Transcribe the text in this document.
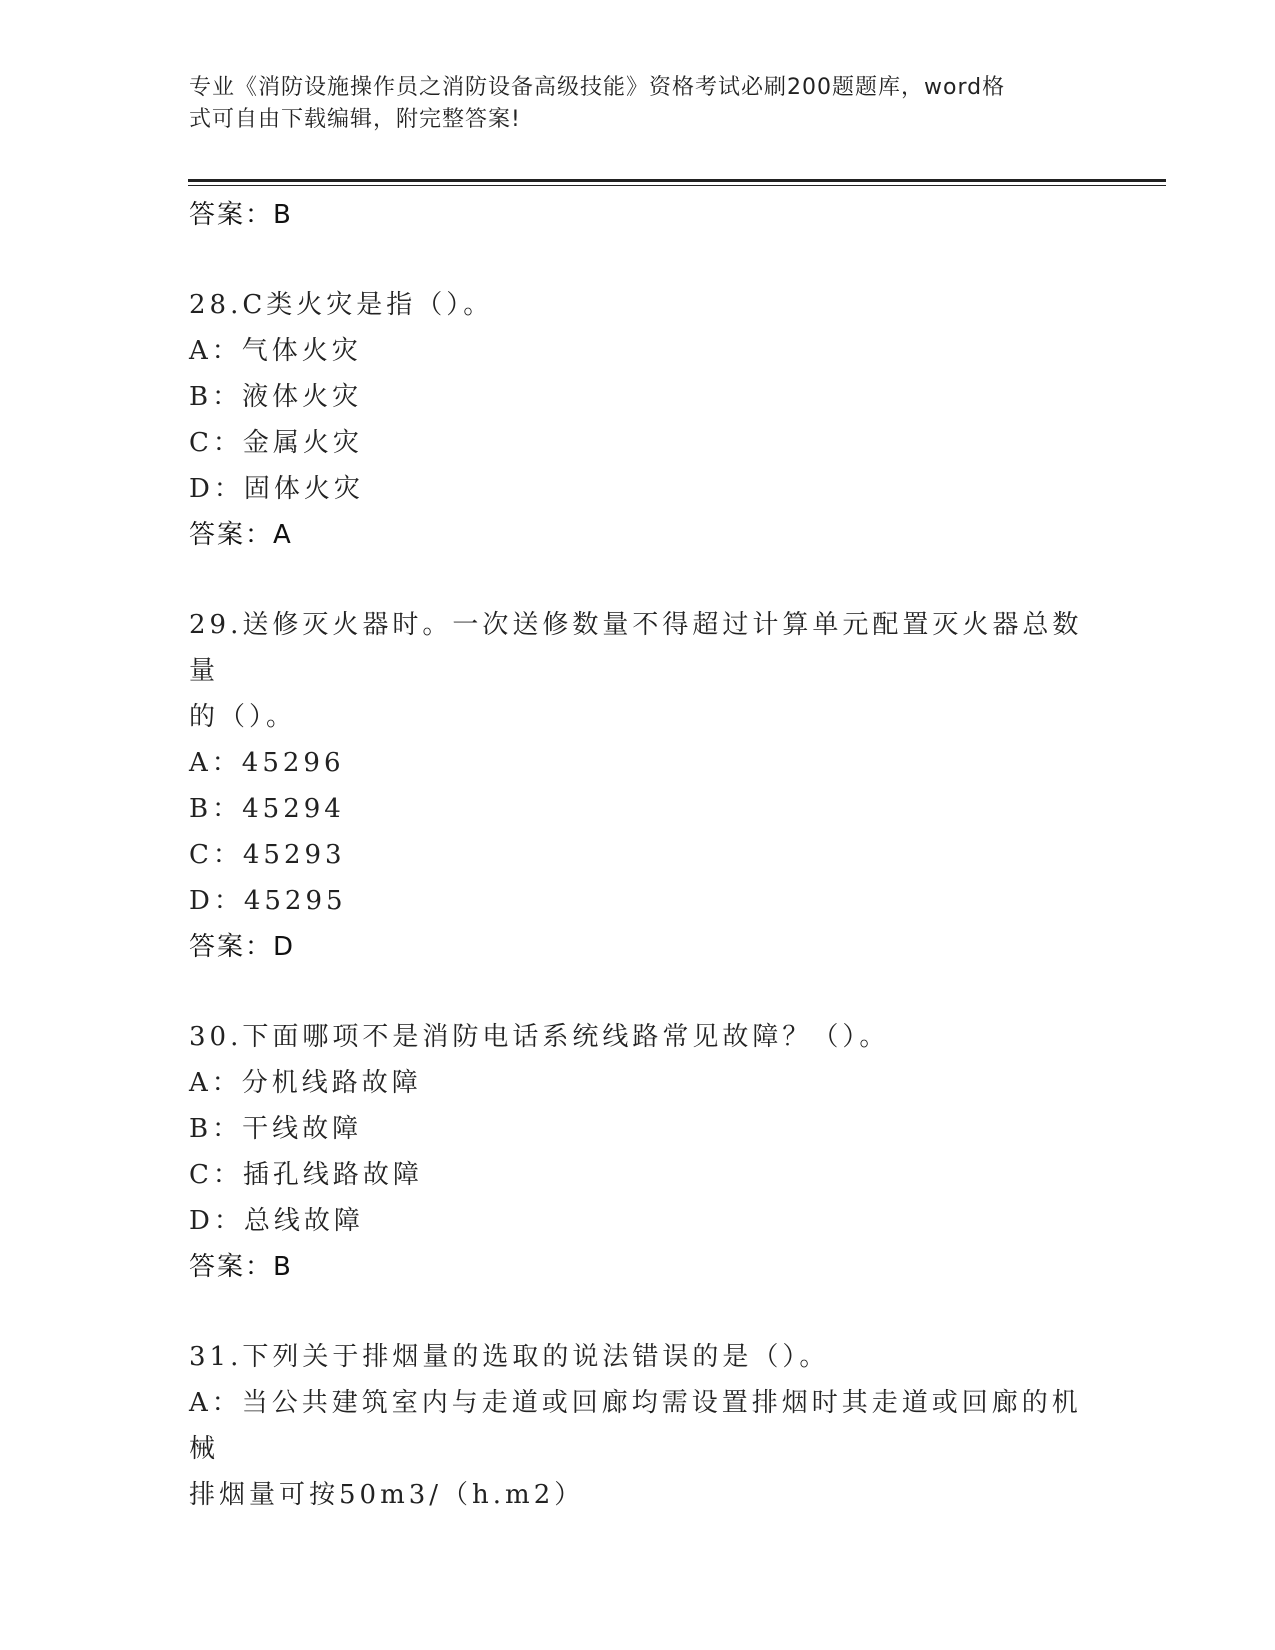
专业《消防设施操作员之消防设备高级技能》资格考试必刷200题题库，word格
式可自由下载编辑，附完整答案!
答案：B
28.C类火灾是指（）。
A：气体火灾
B：液体火灾
C：金属火灾
D：固体火灾
答案：A
29.送修灭火器时。一次送修数量不得超过计算单元配置灭火器总数量
的（）。
A：45296
B：45294
C：45293
D：45295
答案：D
30.下面哪项不是消防电话系统线路常见故障？（）。
A：分机线路故障
B：干线故障
C：插孔线路故障
D：总线故障
答案：B
31.下列关于排烟量的选取的说法错误的是（）。
A：当公共建筑室内与走道或回廊均需设置排烟时其走道或回廊的机械
排烟量可按50m3/（h.m2）
